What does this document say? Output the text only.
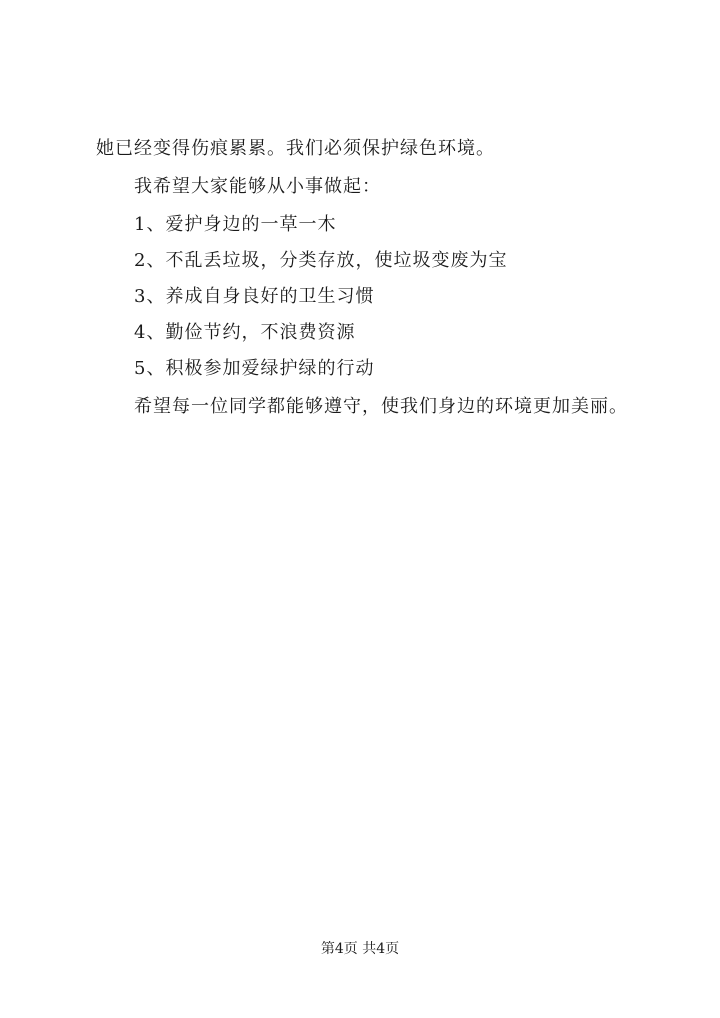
她已经变得伤痕累累。我们必须保护绿色环境。
我希望大家能够从小事做起：
1、爱护身边的一草一木
2、不乱丢垃圾，分类存放，使垃圾变废为宝
3、养成自身良好的卫生习惯
4、勤俭节约，不浪费资源
5、积极参加爱绿护绿的行动
希望每一位同学都能够遵守，使我们身边的环境更加美丽。
第4页 共4页
